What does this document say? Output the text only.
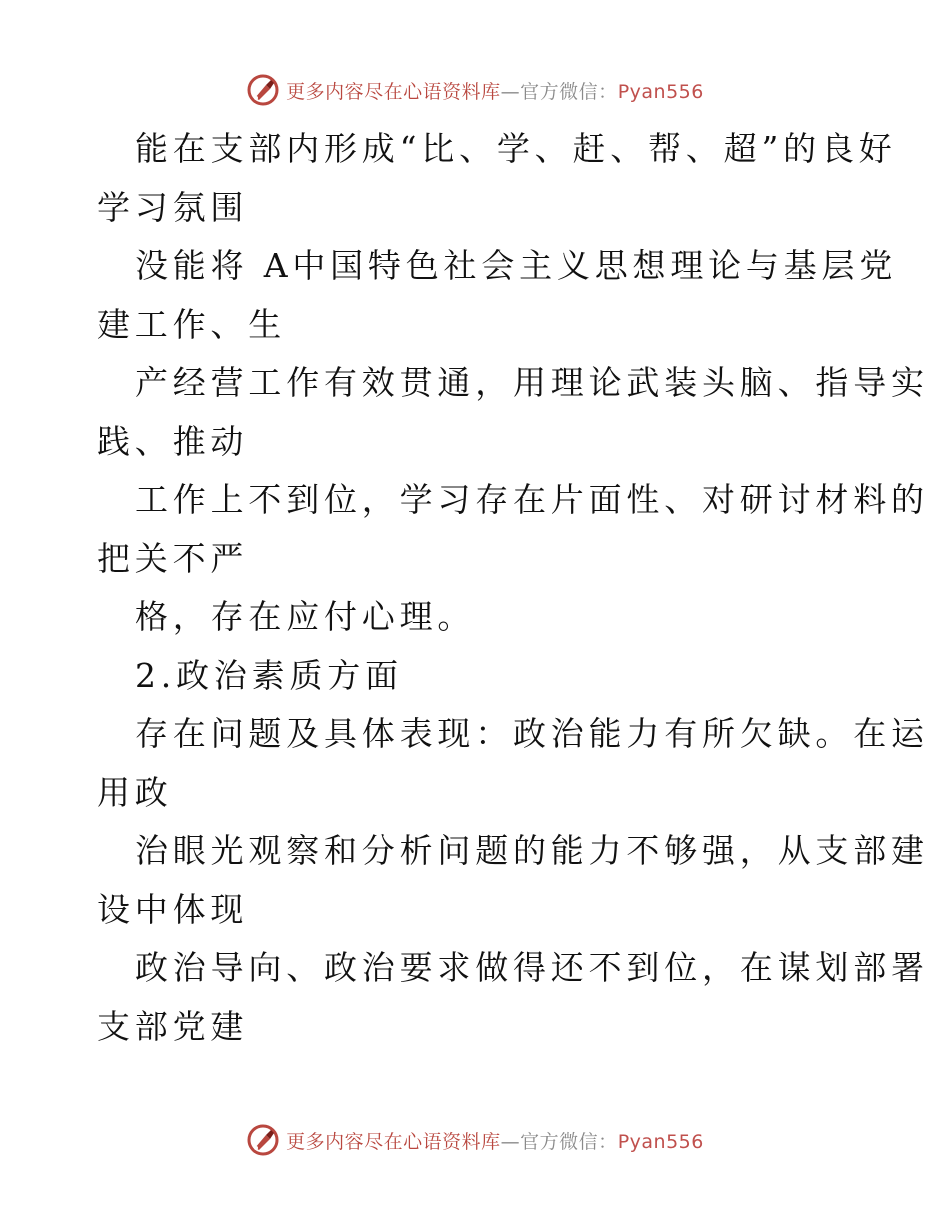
更多内容尽在心语资料库—官方微信：Pyan556
能在支部内形成“比、学、赶、帮、超”的良好
学习氛围
没能将 A中国特色社会主义思想理论与基层党
建工作、生
产经营工作有效贯通，用理论武装头脑、指导实
践、推动
工作上不到位，学习存在片面性、对研讨材料的
把关不严
格，存在应付心理。
2.政治素质方面
存在问题及具体表现：政治能力有所欠缺。在运
用政
治眼光观察和分析问题的能力不够强，从支部建
设中体现
政治导向、政治要求做得还不到位，在谋划部署
支部党建
更多内容尽在心语资料库—官方微信：Pyan556
